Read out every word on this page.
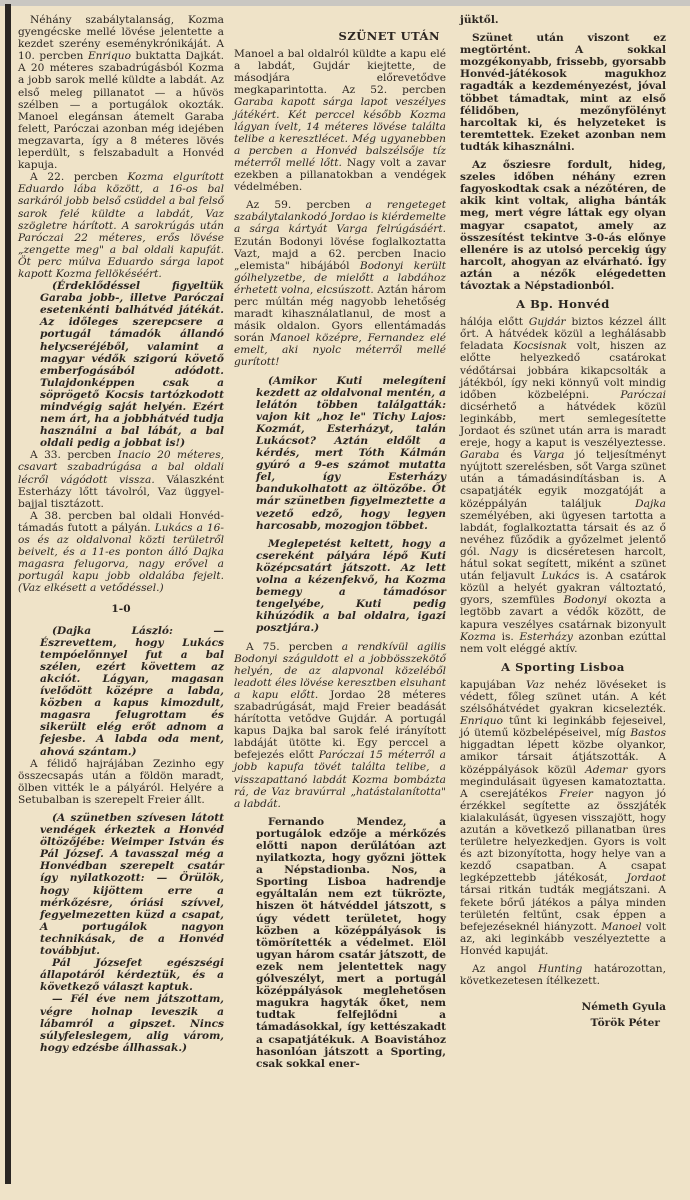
Néhány szabálytalanság, Kozma gyengécske mellé lövése jelentette a kezdet szerény eseménykrónikáját. A 10. percben Enriquo buktatta Dajkát. A 20 méteres szabadrúgásból Kozma a jobb sarok mellé küldte a labdát. Az első meleg pillanatot — a hűvös szélben — a portugálok okozták. Manoel elegánsan átemelt Garaba felett, Paróczai azonban még idejében megzavarta, így a 8 méteres lövés leperdült, s felszabadult a Honvéd kapuja.

A 22. percben Kozma elgurított Eduardo lába között, a 16-os bal sarkáról jobb belső csüddel a bal felső sarok felé küldte a labdát, Vaz szögletre hárított. A sarokrúgás után Paróczai 22 méteres, erős lövése „zengette meg" a bal oldali kapufát. Öt perc múlva Eduardo sárga lapot kapott Kozma fellökéséért.

(Érdeklődéssel figyeltük Garaba jobb-, illetve Paróczai esetenkénti balhátvéd játékát. Az időleges szerepcsere a portugál támadók állandó helycseréjéből, valamint a magyar védők szigorú követő emberfogásából adódott. Tulajdonképpen csak a söprögető Kocsis tartózkodott mindvégig saját helyén. Ezért nem árt, ha a jobbhátvéd tudja használni a bal lábát, a bal oldali pedig a jobbat is!)

A 33. percben Inacio 20 méteres, csavart szabadrúgása a bal oldali lécről vágódott vissza. Válaszként Esterházy lőtt távolról, Vaz üggyel-bajjal tisztázott.

A 38. percben bal oldali Honvéd-támadás futott a pályán. Lukács a 16-os és az oldalvonal közti területről beivelt, és a 11-es ponton álló Dajka magasra felugorva, nagy erővel a portugál kapu jobb oldalába fejelt. (Vaz elkésett a vetődéssel.)

1-0

(Dajka László: — Észrevettem, hogy Lukács tempóelőnnyel fut a bal szélen, ezért követtem az akciót. Lágyan, magasan ívelődött középre a labda, közben a kapus kimozdult, magasra felugrottam és sikerült elég erőt adnom a fejesbe. A labda oda ment, ahová szántam.)

A félidő hajrájában Zezinho egy összecsapás után a földön maradt, ölben vitték le a pályáról. Helyére a Setubalban is szerepelt Freier állt.

(A szünetben szívesen látott vendégek érkeztek a Honvéd öltözőjébe: Weimper István és Pál József. A tavasszal még a Honvédban szerepelt csatár így nyilatkozott: — Örülök, hogy kijöttem erre a mérkőzésre, óriási szívvel, fegyelmezetten küzd a csapat, A portugálok nagyon technikásak, de a Honvéd továbbjut.

Pál Józsefet egészségi állapotáról kérdeztük, és a következő választ kaptuk.

— Fél éve nem játszottam, végre holnap leveszik a lábamról a gipszet. Nincs súlyfeleslegem, alig várom, hogy edzésbe állhassak.)

SZÜNET UTÁN

Manoel a bal oldalról küldte a kapu elé a labdát, Gujdár kiejtette, de másodjára előrevetődve megkaparintotta. Az 52. percben Garaba kapott sárga lapot veszélyes játékért. Két perccel később Kozma lágyan ívelt, 14 méteres lövése találta telibe a keresztlécet. Még ugyanebben a percben a Honvéd balszélsője tíz méterről mellé lőtt. Nagy volt a zavar ezekben a pillanatokban a vendégek védelmében.

Az 59. percben a rengeteget szabálytalankodó Jordao is kiérdemelte a sárga kártyát Varga felrúgásáért. Ezután Bodonyi lövése foglalkoztatta Vazt, majd a 62. percben Inacio „elemista" hibájából Bodonyi került gólhelyzetbe, de mielőtt a labdához érhetett volna, elcsúszott. Aztán három perc múltán még nagyobb lehetőség maradt kihasználatlanul, de most a másik oldalon. Gyors ellentámadás során Manoel középre, Fernandez elé emelt, aki nyolc méterről mellé gurított!

(Amikor Kuti melegíteni kezdett az oldalvonal mentén, a lelátón többen találgatták: vajon kit „hoz le" Tichy Lajos: Kozmát, Esterházyt, talán Lukácsot? Aztán eldőlt a kérdés, mert Tóth Kálmán gyúró a 9-es számot mutatta fel, így Esterházy bandukolhatott az öltözőbe. Őt már szünetben figyelmeztette a vezető edző, hogy legyen harcosabb, mozogjon többet.

Meglepetést keltett, hogy a csereként pályára lépő Kuti középcsatárt játszott. Az lett volna a kézenfekvő, ha Kozma bemegy a támadósor tengelyébe, Kuti pedig kihúzódik a bal oldalra, igazi posztjára.)

A 75. percben a rendkívül agilis Bodonyi száguldott el a jobbösszekötő helyén, de az alapvonal közeléből leadott éles lövése keresztben elsuhant a kapu előtt. Jordao 28 méteres szabadrúgását, majd Freier beadását hárította vetődve Gujdár. A portugál kapus Dajka bal sarok felé irányított labdáját ütötte ki. Egy perccel a befejezés előtt Paróczai 15 méterről a jobb kapufa tövét találta telibe, a visszapattanó labdát Kozma bombázta rá, de Vaz bravúrral „hatástalanította" a labdát.

Fernando Mendez, a portugálok edzője a mérkőzés előtti napon derűlátóan azt nyilatkozta, hogy győzni jöttek a Népstadionba. Nos, a Sporting Lisboa hadrendje egyáltalán nem ezt tükrözte, hiszen öt hátvéddel játszott, s úgy védett területet, hogy közben a középpályások is tömörítették a védelmet. Elöl ugyan három csatár játszott, de ezek nem jelentettek nagy gólveszélyt, mert a portugál középpályások meglehetősen magukra hagyták őket, nem tudtak felfejlődni a támadásokkal, így kettészakadt a csapatjátékuk. A Boavistához hasonlóan játszott a Sporting, csak sokkal ener-

jüktől.

Szünet után viszont ez megtörtént. A sokkal mozgékonyabb, frissebb, gyorsabb Honvéd-játékosok magukhoz ragadták a kezdeményezést, jóval többet támadtak, mint az első félidőben, mezőnyfölényt harcoltak ki, és helyzeteket is teremtettek. Ezeket azonban nem tudták kihasználni.

Az ősziesre fordult, hideg, szeles időben néhány ezren fagyoskodtak csak a nézőtéren, de akik kint voltak, aligha bánták meg, mert végre láttak egy olyan magyar csapatot, amely az összesítést tekintve 3-0-ás előnye ellenére is az utolsó percekig úgy harcolt, ahogyan az elvárható. Így aztán a nézők elégedetten távoztak a Népstadionból.

A Bp. Honvéd

hálója előtt Gujdár biztos kézzel állt őrt. A hátvédek közül a leghálásabb feladata Kocsisnak volt, hiszen az előtte helyezkedő csatárokat védőtársai jobbára kikapcsolták a játékból, így neki könnyű volt mindig időben közbelépni.	Paróczai dicsérhető a hátvédek közül leginkább, mert semlegesítette Jordaot és szünet után arra is maradt ereje, hogy a kaput is veszélyeztesse. Garaba és Varga jó teljesítményt nyújtott szerelésben, sőt Varga szünet után a támadásindításban is. A csapatjáték egyik mozgatóját a középpályán találjuk	Dajka személyében, aki ügyesen tartotta a labdát, foglalkoztatta társait és az ő nevéhez fűződik a győzelmet jelentő gól. Nagy is dicséretesen harcolt, hátul sokat segített, miként a szünet után feljavult Lukács is. A csatárok közül a helyét gyakran változtató, gyors, szemfüles Bodonyi okozta a legtöbb zavart a védők között, de kapura veszélyes csatárnak bizonyult Kozma is. Esterházy azonban ezúttal nem volt eléggé aktív.

A Sporting Lisboa

kapujában Vaz nehéz lövéseket is védett, főleg szünet után. A két szélsőhátvédet gyakran kicselezték. Enriquo tűnt ki leginkább fejeseivel, jó ütemű közbelépéseivel, míg Bastos higgadtan lépett közbe olyankor, amikor társait átjátszották. A középpályások közül Ademar gyors megindulásait ügyesen kamatoztatta. A cserejátékos Freier nagyon jó érzékkel segítette az összjáték kialakulását, ügyesen visszajött, hogy azután a következő pillanatban üres területre helyezkedjen. Gyors is volt és azt bizonyította, hogy helye van a kezdő csapatban. A csapat legképzettebb játékosát, Jordaot társai ritkán tudták megjátszani. A fekete bőrű játékos a pálya minden területén feltűnt, csak éppen a befejezéseknél hiányzott. Manoel volt az, aki leginkább veszélyeztette a Honvéd kapuját.

Az angol Hunting határozottan, következetesen ítélkezett.

Németh Gyula
Török Péter
